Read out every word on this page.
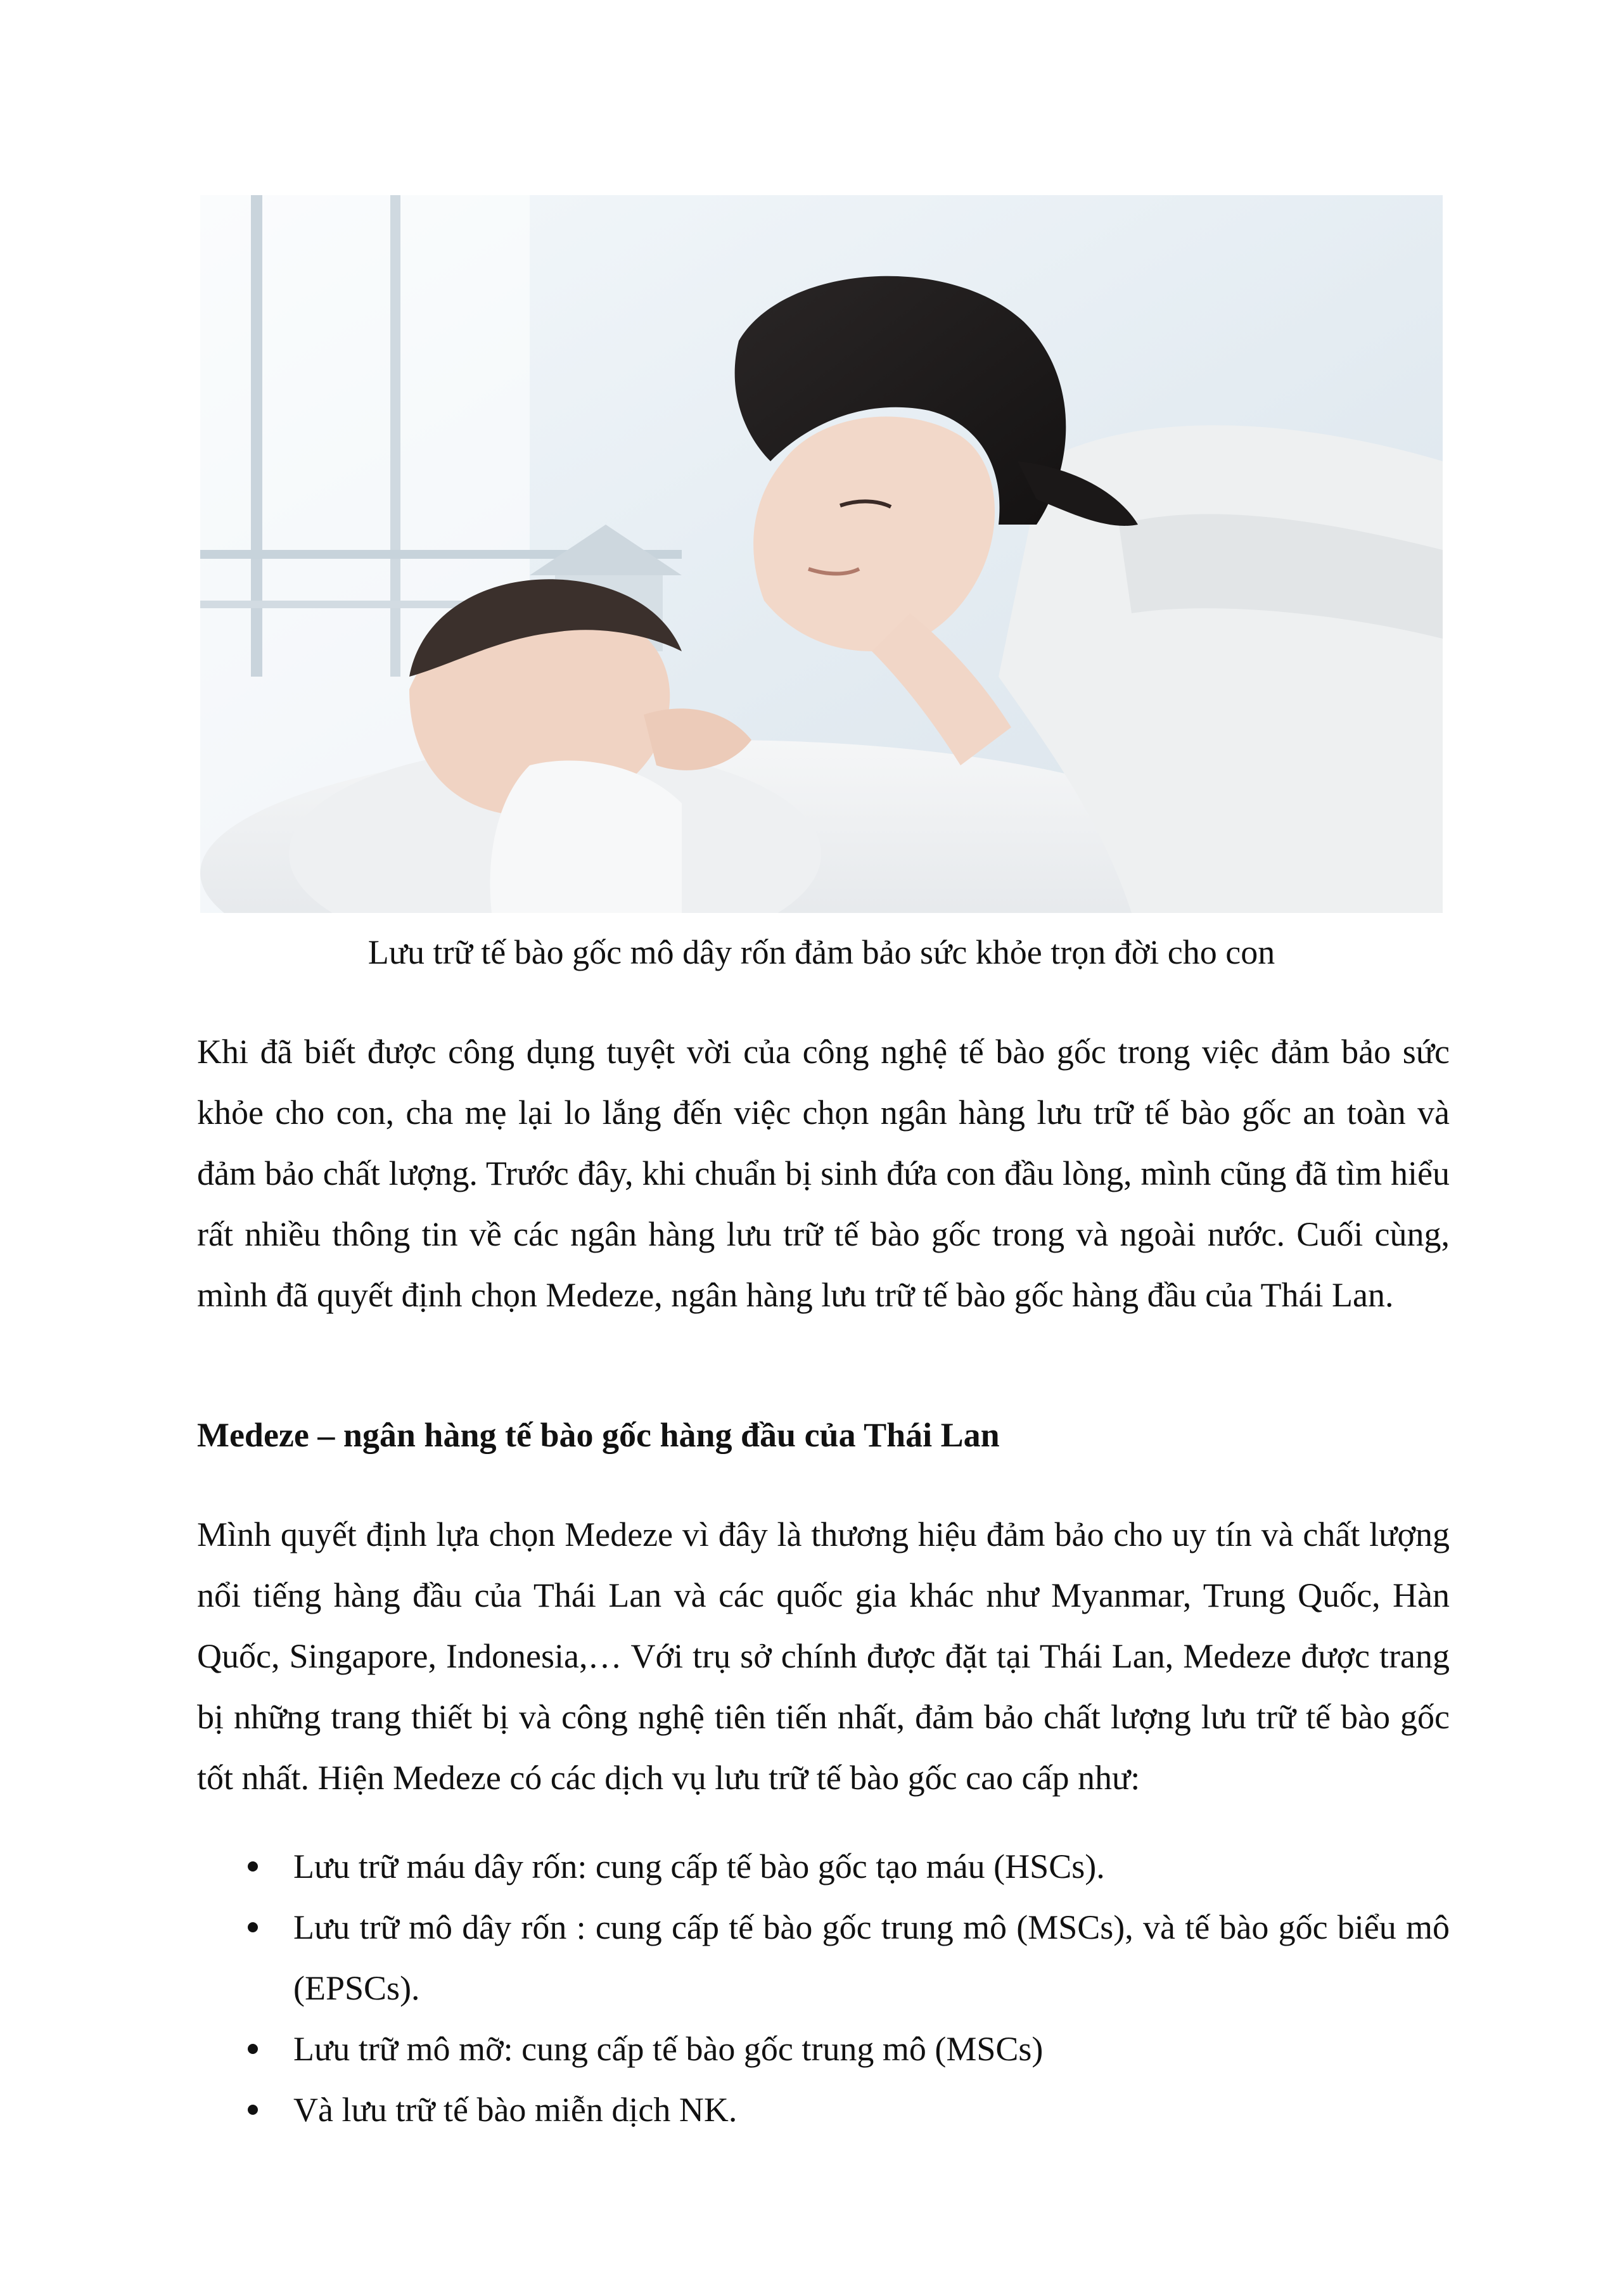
Lưu trữ tế bào gốc mô dây rốn đảm bảo sức khỏe trọn đời cho con
Khi đã biết được công dụng tuyệt vời của công nghệ tế bào gốc trong việc đảm bảo sức khỏe cho con, cha mẹ lại lo lắng đến việc chọn ngân hàng lưu trữ tế bào gốc an toàn và đảm bảo chất lượng. Trước đây, khi chuẩn bị sinh đứa con đầu lòng, mình cũng đã tìm hiểu rất nhiều thông tin về các ngân hàng lưu trữ tế bào gốc trong và ngoài nước. Cuối cùng, mình đã quyết định chọn Medeze, ngân hàng lưu trữ tế bào gốc hàng đầu của Thái Lan.
Medeze – ngân hàng tế bào gốc hàng đầu của Thái Lan
Mình quyết định lựa chọn Medeze vì đây là thương hiệu đảm bảo cho uy tín và chất lượng nổi tiếng hàng đầu của Thái Lan và các quốc gia khác như Myanmar, Trung Quốc, Hàn Quốc, Singapore, Indonesia,… Với trụ sở chính được đặt tại Thái Lan, Medeze được trang bị những trang thiết bị và công nghệ tiên tiến nhất, đảm bảo chất lượng lưu trữ tế bào gốc tốt nhất. Hiện Medeze có các dịch vụ lưu trữ tế bào gốc cao cấp như:
Lưu trữ máu dây rốn: cung cấp tế bào gốc tạo máu (HSCs).
Lưu trữ mô dây rốn : cung cấp tế bào gốc trung mô (MSCs), và tế bào gốc biểu mô (EPSCs).
Lưu trữ mô mỡ: cung cấp tế bào gốc trung mô (MSCs)
Và lưu trữ tế bào miễn dịch NK.
